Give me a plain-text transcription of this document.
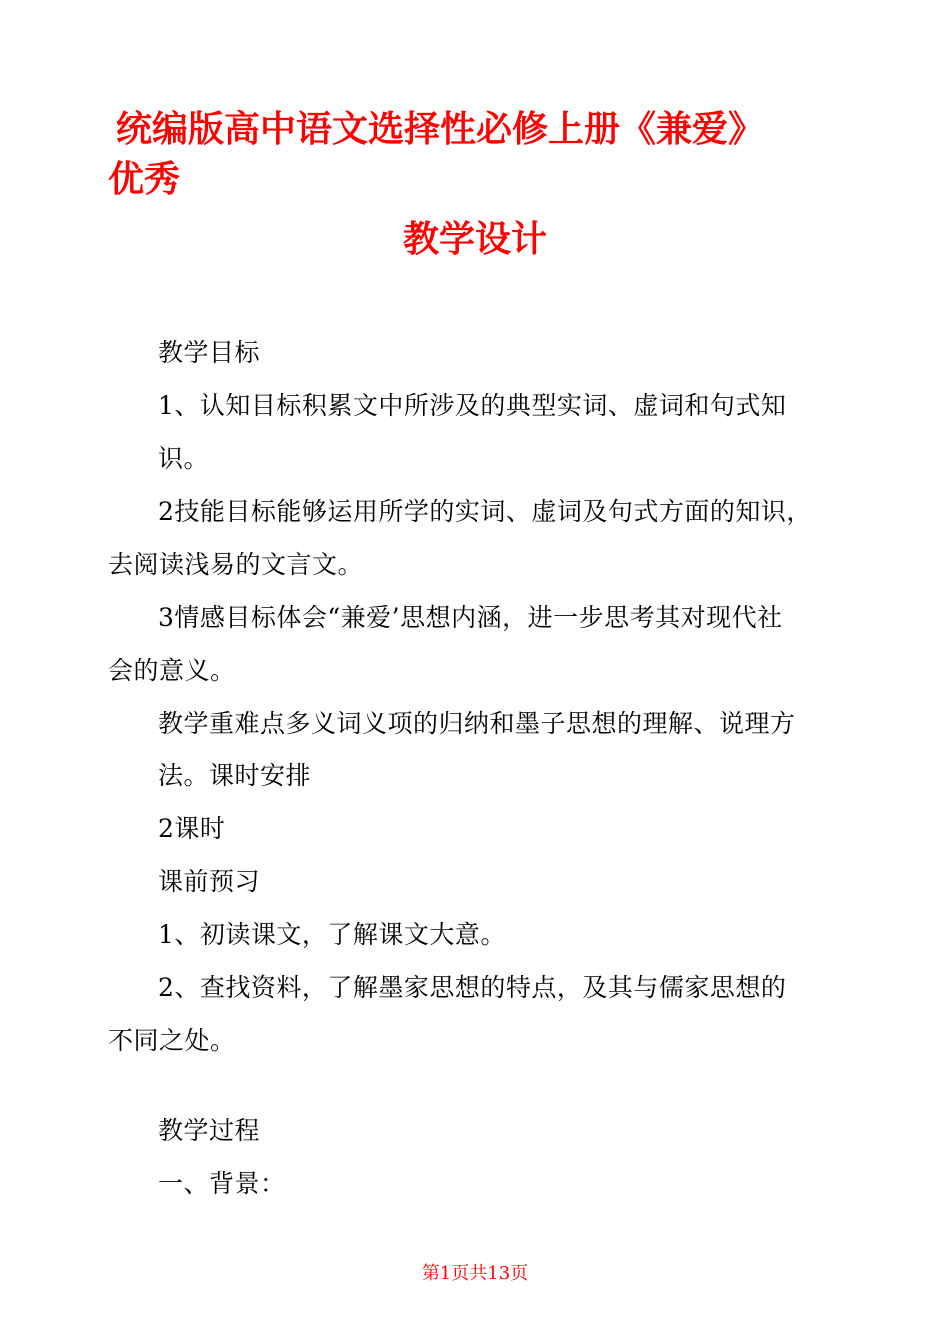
统编版高中语文选择性必修上册《兼爱》
优秀
教学设计
教学目标
1、认知目标积累文中所涉及的典型实词、虚词和句式知
识。
2技能目标能够运用所学的实词、虚词及句式方面的知识，
去阅读浅易的文言文。
3情感目标体会“兼爱’思想内涵，进一步思考其对现代社
会的意义。
教学重难点多义词义项的归纳和墨子思想的理解、说理方
法。课时安排
2课时
课前预习
1、初读课文，了解课文大意。
2、查找资料，了解墨家思想的特点，及其与儒家思想的
不同之处。
教学过程
一、背景：
第1页共13页
